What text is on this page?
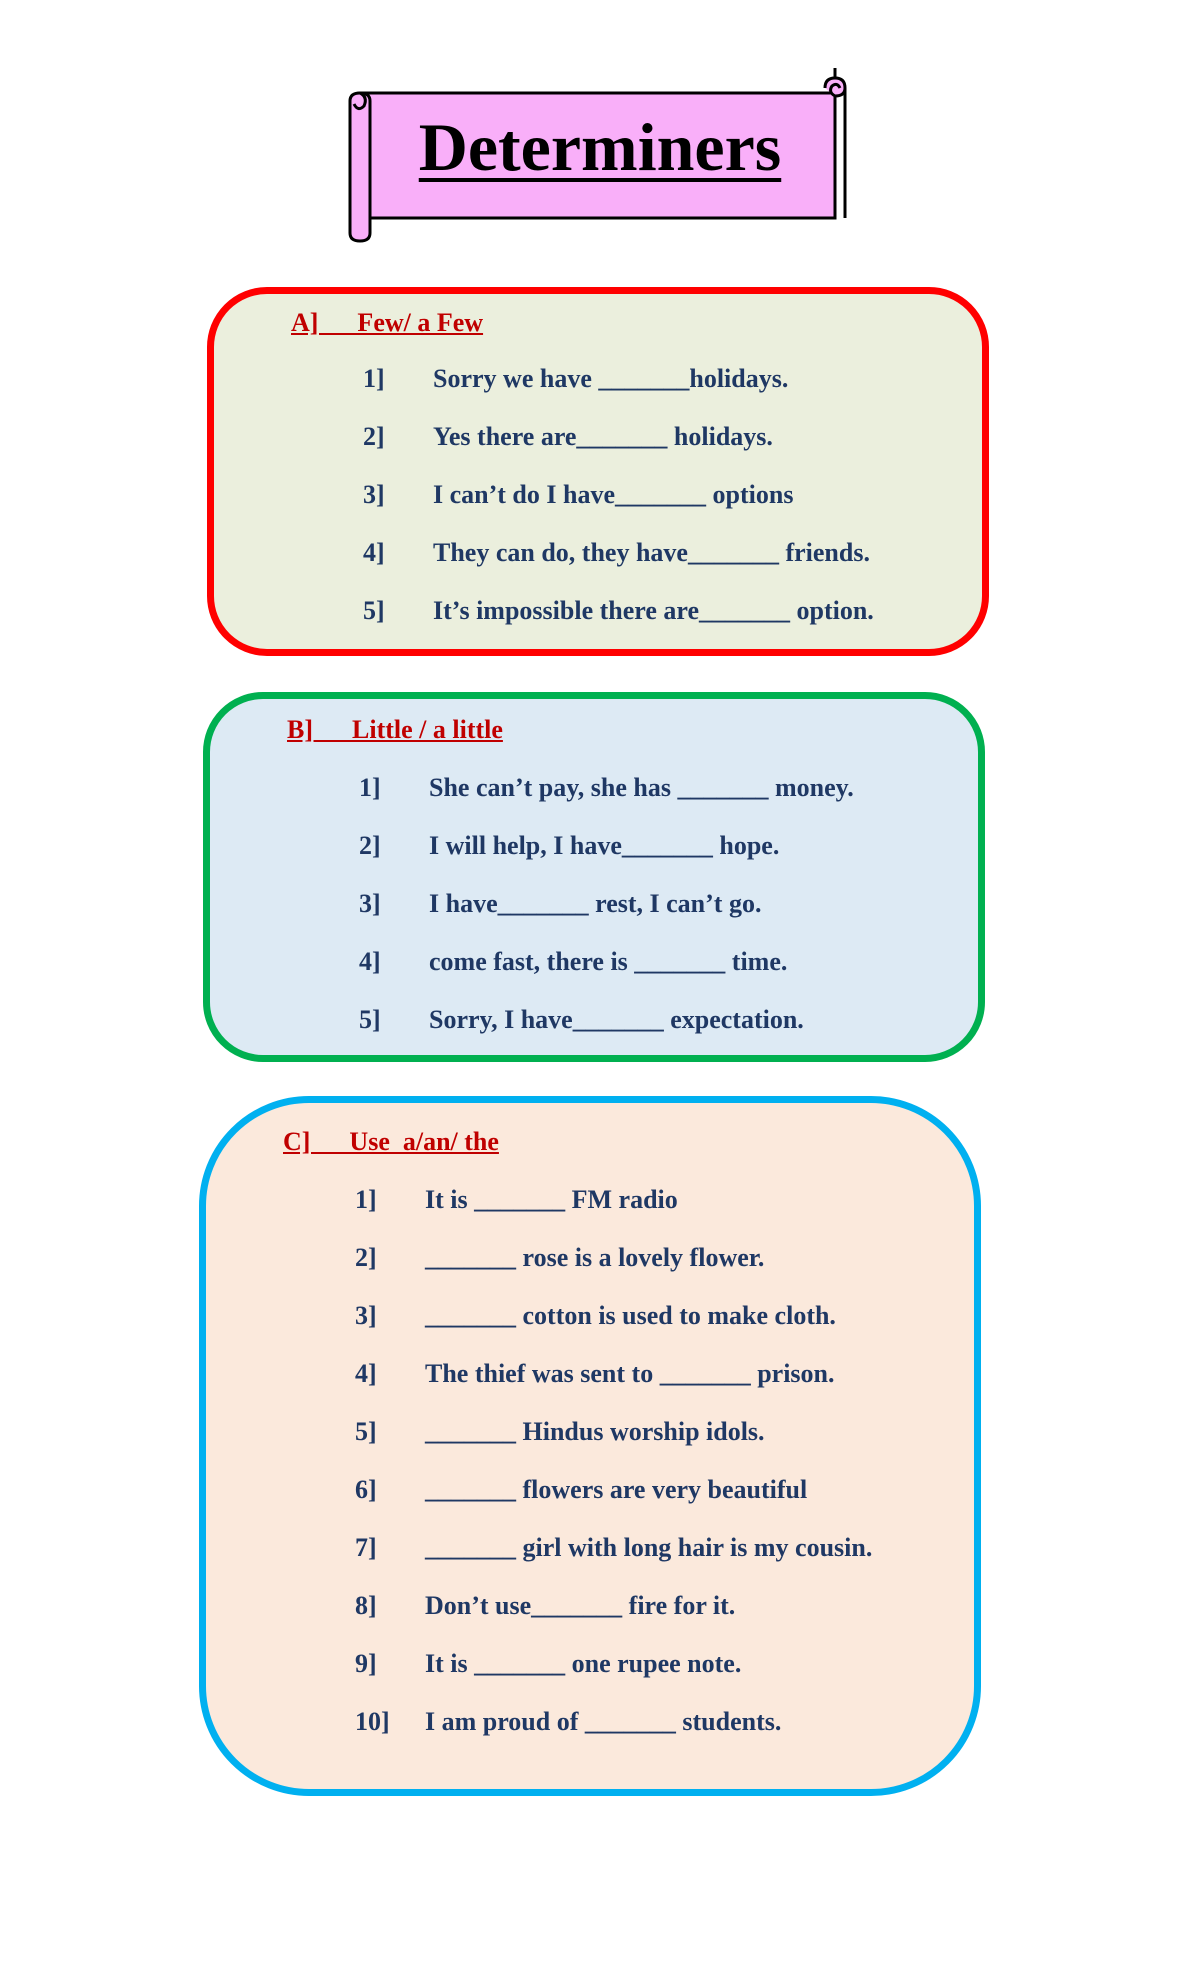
Determiners
A]      Few/ a Few
1] Sorry we have _______holidays.
2] Yes there are_______ holidays.
3] I can’t do I have_______ options
4] They can do, they have_______ friends.
5] It’s impossible there are_______ option.
B]      Little / a little
1] She can’t pay, she has _______ money.
2] I will help, I have_______ hope.
3] I have_______ rest, I can’t go.
4] come fast, there is _______ time.
5] Sorry, I have_______ expectation.
C]      Use  a/an/ the
1] It is _______ FM radio
2] _______ rose is a lovely flower.
3] _______ cotton is used to make cloth.
4] The thief was sent to _______ prison.
5] _______ Hindus worship idols.
6] _______ flowers are very beautiful
7] _______ girl with long hair is my cousin.
8] Don’t use_______ fire for it.
9] It is _______ one rupee note.
10] I am proud of _______ students.
